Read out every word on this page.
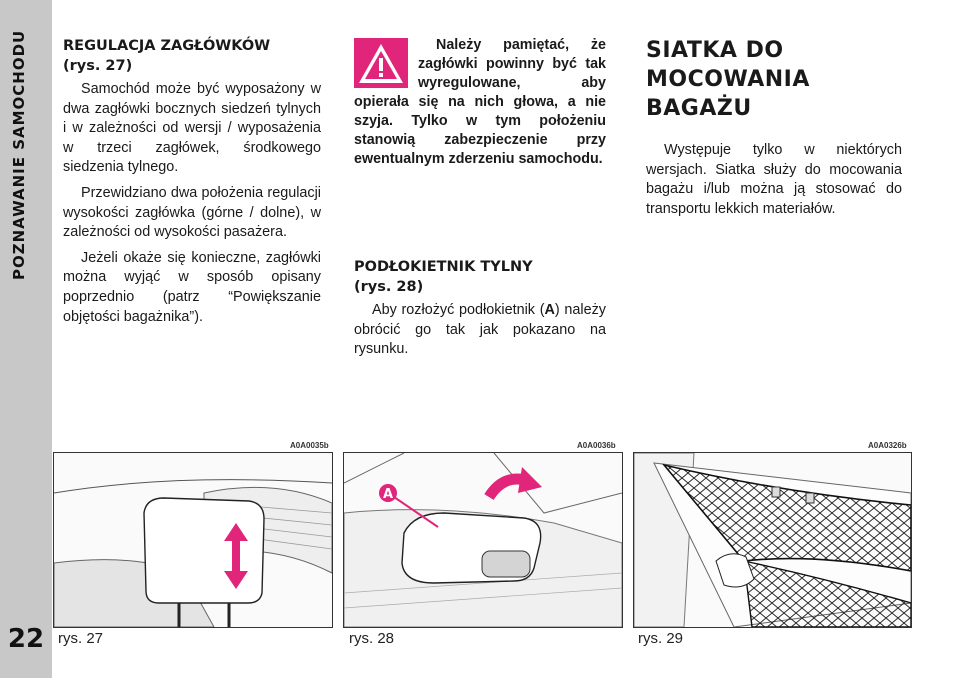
POZNAWANIE SAMOCHODU
22
REGULACJA ZAGŁÓWKÓW
(rys. 27)

Samochód może być wyposażony w dwa zagłówki bocznych siedzeń tylnych i w zależności od wersji / wyposażenia w trzeci zagłówek, środkowego siedzenia tylnego.

Przewidziano dwa położenia regulacji wysokości zagłówka (górne / dolne), w zależności od wysokości pasażera.

Jeżeli okaże się konieczne, zagłówki można wyjąć w sposób opisany poprzednio (patrz “Powiększanie objętości bagażnika”).

Należy pamiętać, że zagłówki powinny być tak wyregulowane, aby opierała się na nich głowa, a nie szyja. Tylko w tym położeniu stanowią zabezpieczenie przy ewentualnym zderzeniu samochodu.

PODŁOKIETNIK TYLNY
(rys. 28)

Aby rozłożyć podłokietnik (A) należy obrócić go tak jak pokazano na rysunku.

SIATKA DO
MOCOWANIA BAGAŻU

Występuje tylko w niektórych wersjach. Siatka służy do mocowania bagażu i/lub można ją stosować do transportu lekkich materiałów.

A0A0035b	A0A0036b	A0A0326b
A
rys. 27	rys. 28	rys. 29
